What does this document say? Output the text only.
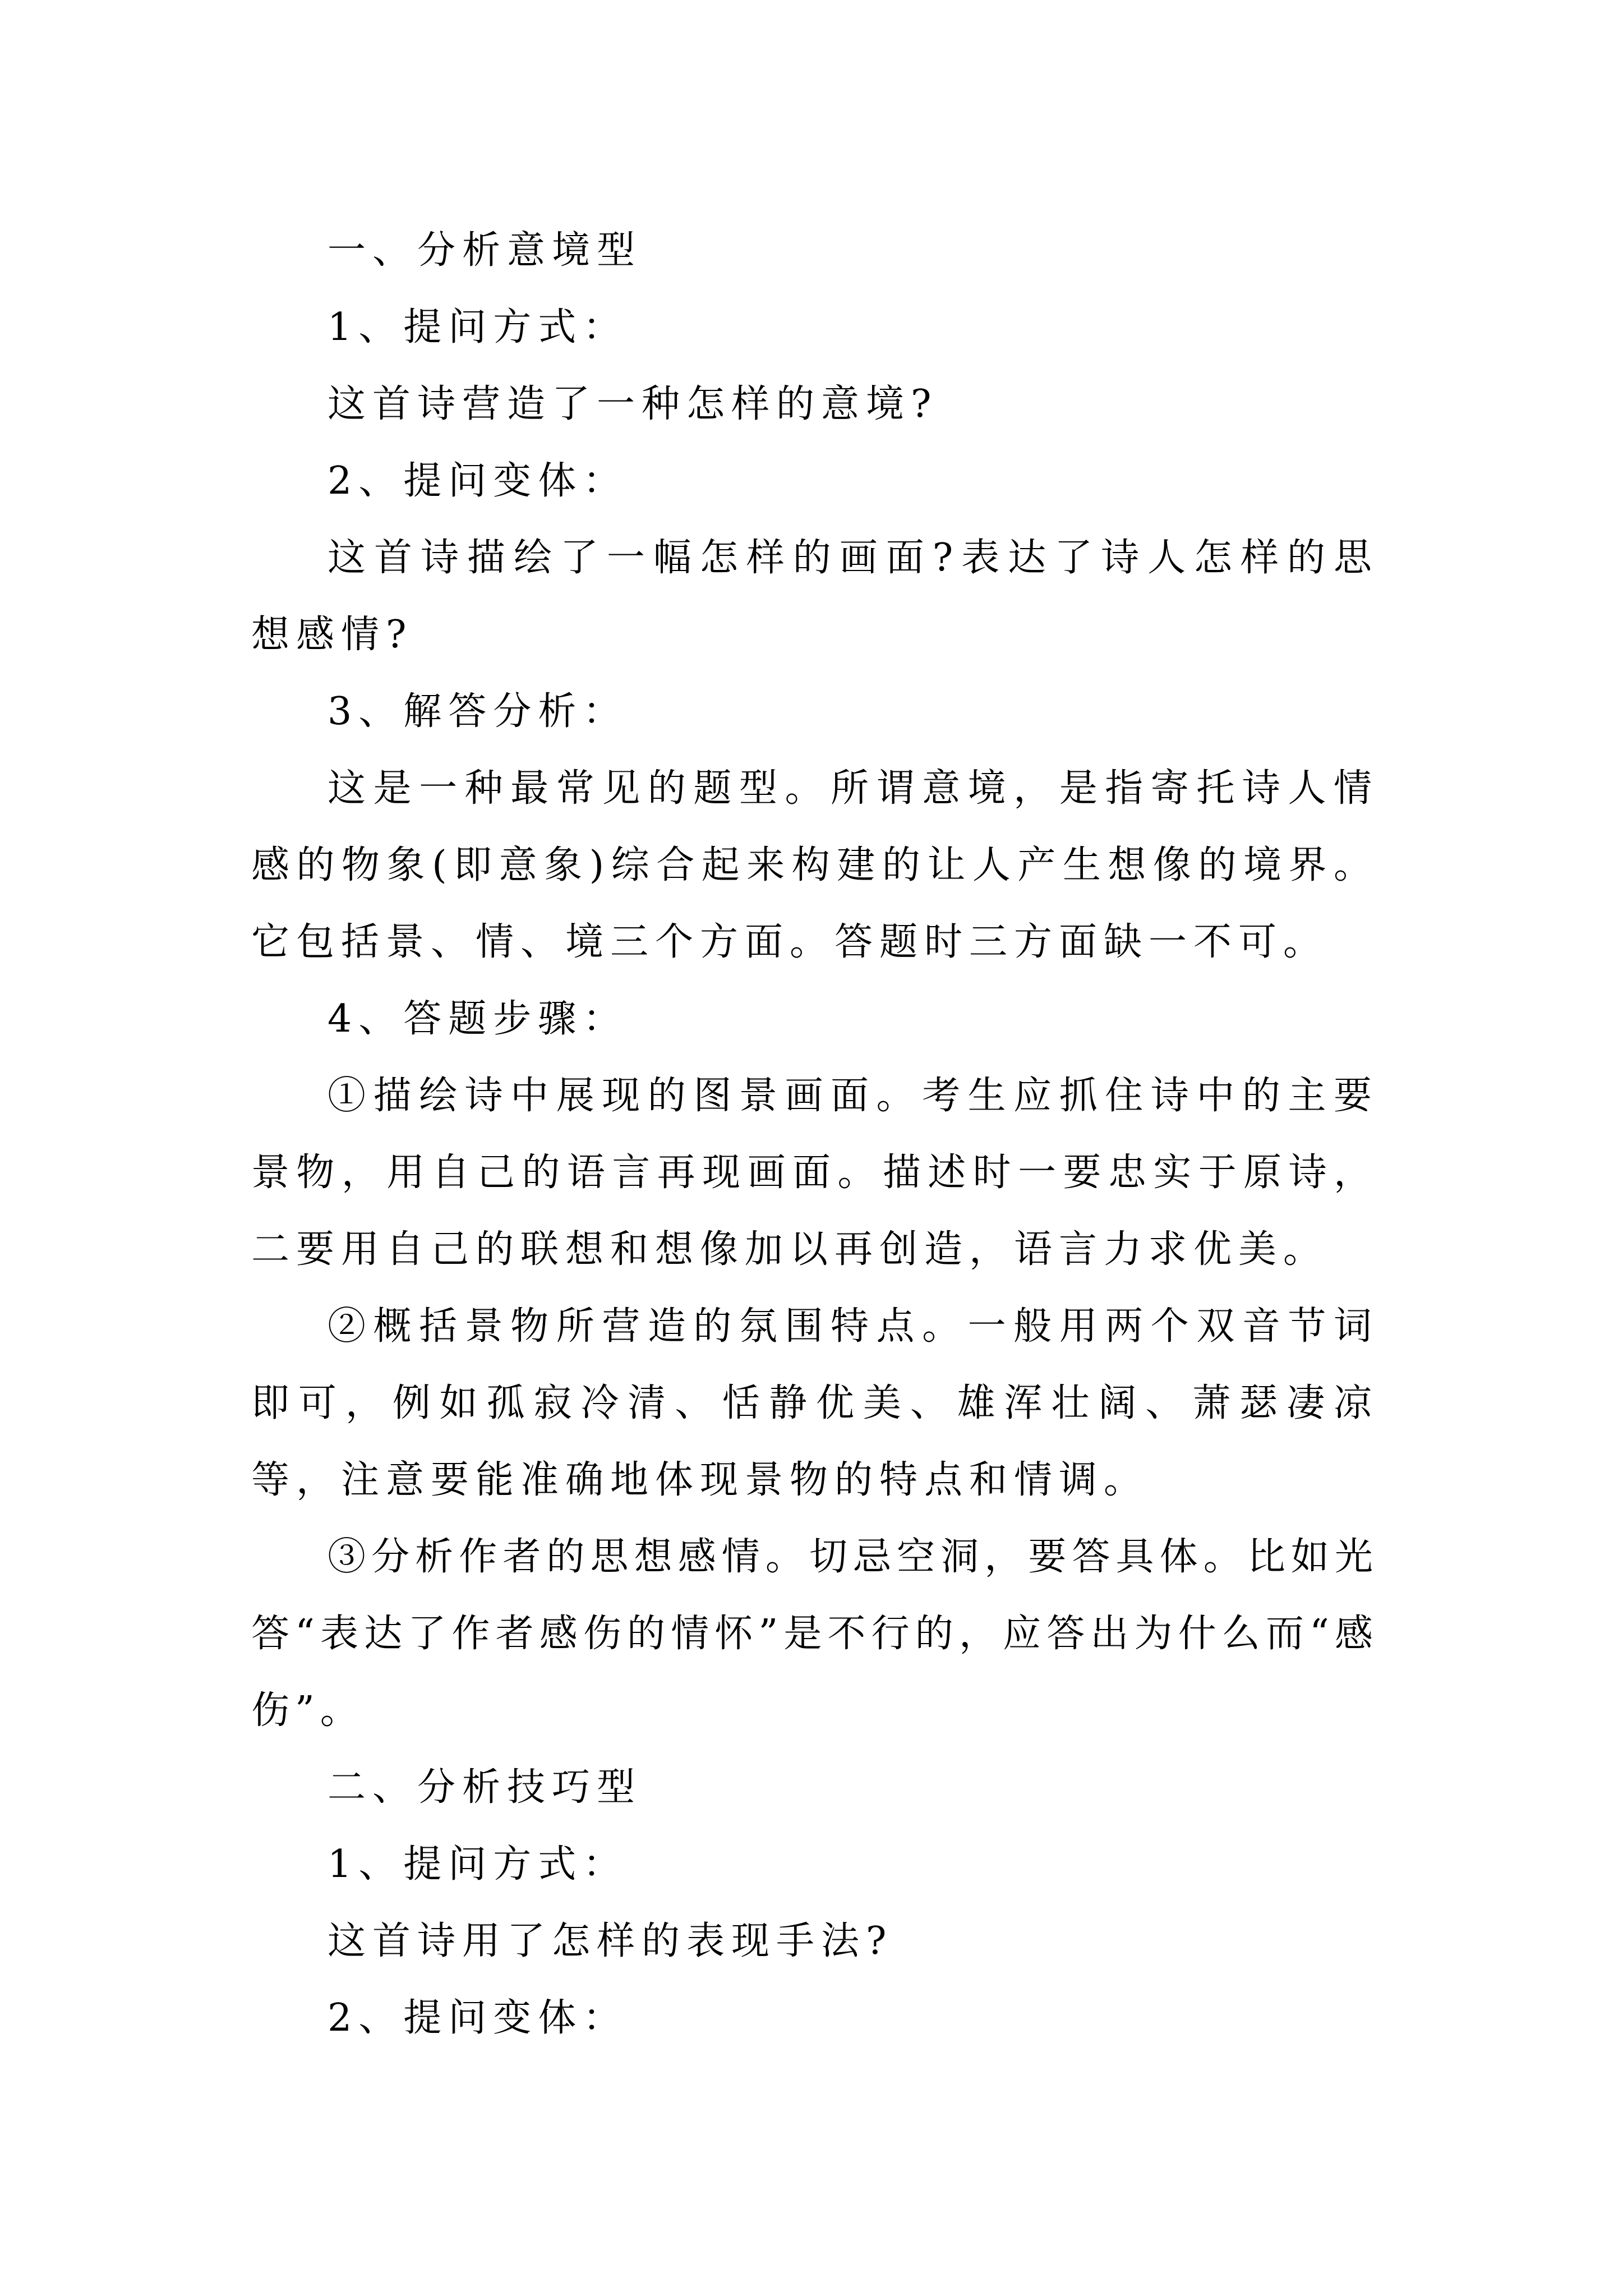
一、分析意境型

1、提问方式：

这首诗营造了一种怎样的意境?

2、提问变体：

这首诗描绘了一幅怎样的画面?表达了诗人怎样的思想感情?

3、解答分析：

这是一种最常见的题型。所谓意境，是指寄托诗人情感的物象(即意象)综合起来构建的让人产生想像的境界。它包括景、情、境三个方面。答题时三方面缺一不可。

4、答题步骤：

①描绘诗中展现的图景画面。考生应抓住诗中的主要景物，用自己的语言再现画面。描述时一要忠实于原诗，二要用自己的联想和想像加以再创造，语言力求优美。

②概括景物所营造的氛围特点。一般用两个双音节词即可，例如孤寂冷清、恬静优美、雄浑壮阔、萧瑟凄凉等，注意要能准确地体现景物的特点和情调。

③分析作者的思想感情。切忌空洞，要答具体。比如光答“表达了作者感伤的情怀”是不行的，应答出为什么而“感伤”。

二、分析技巧型

1、提问方式：

这首诗用了怎样的表现手法?

2、提问变体：
